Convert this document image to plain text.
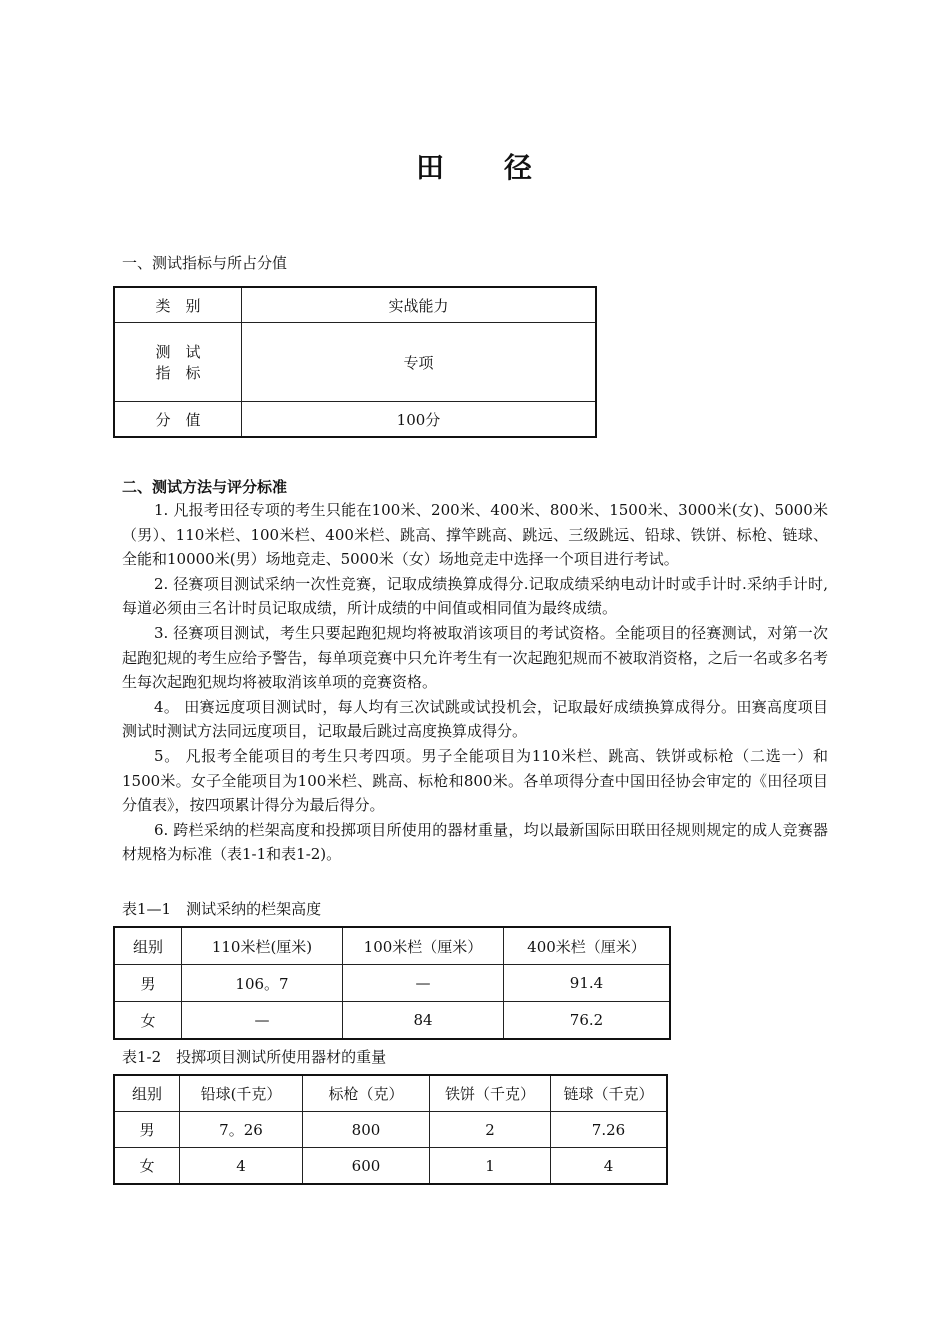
田 径
一、测试指标与所占分值
类　别	实战能力

测　试
指　标	专项
分　值	100分
二、测试方法与评分标准

1. 凡报考田径专项的考生只能在100米、200米、400米、800米、1500米、3000米(女)、5000米（男）、110米栏、100米栏、400米栏、跳高、撑竿跳高、跳远、三级跳远、铅球、铁饼、标枪、链球、全能和10000米(男）场地竞走、5000米（女）场地竞走中选择一个项目进行考试。

2. 径赛项目测试采纳一次性竞赛，记取成绩换算成得分.记取成绩采纳电动计时或手计时.采纳手计时,每道必须由三名计时员记取成绩，所计成绩的中间值或相同值为最终成绩。

3. 径赛项目测试，考生只要起跑犯规均将被取消该项目的考试资格。全能项目的径赛测试，对第一次起跑犯规的考生应给予警告，每单项竞赛中只允许考生有一次起跑犯规而不被取消资格，之后一名或多名考生每次起跑犯规均将被取消该单项的竞赛资格。

4。 田赛远度项目测试时，每人均有三次试跳或试投机会，记取最好成绩换算成得分。田赛高度项目测试时测试方法同远度项目，记取最后跳过高度换算成得分。

5。 凡报考全能项目的考生只考四项。男子全能项目为110米栏、跳高、铁饼或标枪（二选一）和1500米。女子全能项目为100米栏、跳高、标枪和800米。各单项得分查中国田径协会审定的《田径项目分值表》，按四项累计得分为最后得分。

6. 跨栏采纳的栏架高度和投掷项目所使用的器材重量，均以最新国际田联田径规则规定的成人竞赛器材规格为标准（表1-1和表1-2)。

表1—1　测试采纳的栏架高度
组别	110米栏(厘米)	100米栏（厘米）	400米栏（厘米）
男	106。7	—	91.4
女	—	84	76.2
表1-2　投掷项目测试所使用器材的重量
组别	铅球(千克）	标枪（克）	铁饼（千克）	链球（千克）
男	7。26	800	2	7.26
女	4	600	1	4
